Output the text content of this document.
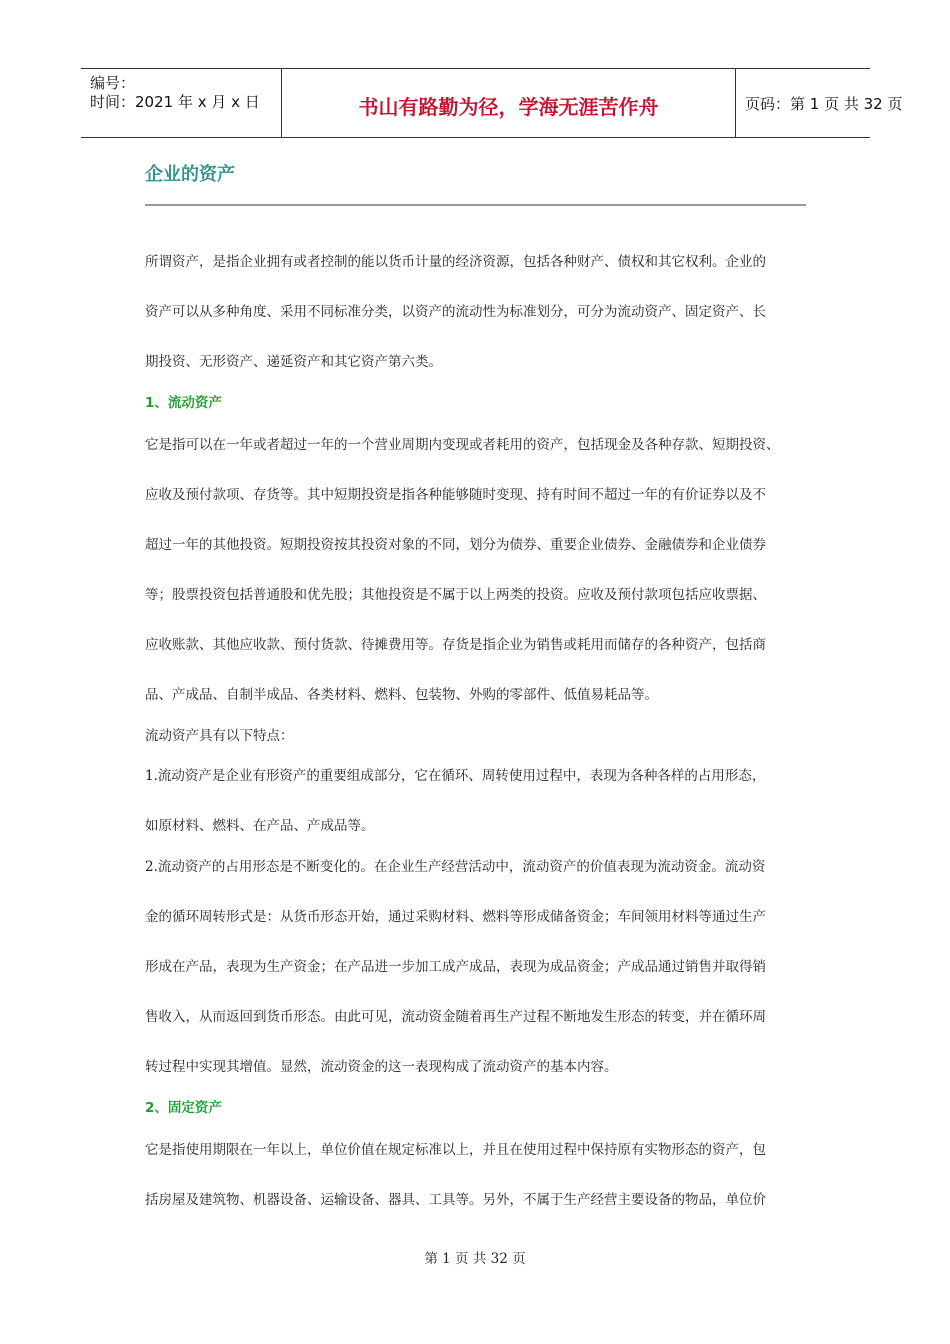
编号：
时间：2021 年 x 月 x 日	书山有路勤为径，学海无涯苦作舟	页码：第 1 页 共 32 页
企业的资产
所谓资产，是指企业拥有或者控制的能以货币计量的经济资源，包括各种财产、债权和其它权利。企业的
资产可以从多种角度、采用不同标准分类，以资产的流动性为标准划分，可分为流动资产、固定资产、长
期投资、无形资产、递延资产和其它资产第六类。
1、流动资产
它是指可以在一年或者超过一年的一个营业周期内变现或者耗用的资产，包括现金及各种存款、短期投资、
应收及预付款项、存货等。其中短期投资是指各种能够随时变现、持有时间不超过一年的有价证券以及不
超过一年的其他投资。短期投资按其投资对象的不同，划分为债券、重要企业债券、金融债券和企业债券
等；股票投资包括普通股和优先股；其他投资是不属于以上两类的投资。应收及预付款项包括应收票据、
应收账款、其他应收款、预付货款、待摊费用等。存货是指企业为销售或耗用而储存的各种资产，包括商
品、产成品、自制半成品、各类材料、燃料、包装物、外购的零部件、低值易耗品等。
流动资产具有以下特点：
1.流动资产是企业有形资产的重要组成部分，它在循环、周转使用过程中，表现为各种各样的占用形态，
如原材料、燃料、在产品、产成品等。
2.流动资产的占用形态是不断变化的。在企业生产经营活动中，流动资产的价值表现为流动资金。流动资
金的循环周转形式是：从货币形态开始，通过采购材料、燃料等形成储备资金；车间领用材料等通过生产
形成在产品，表现为生产资金；在产品进一步加工成产成品，表现为成品资金；产成品通过销售并取得销
售收入，从而返回到货币形态。由此可见，流动资金随着再生产过程不断地发生形态的转变，并在循环周
转过程中实现其增值。显然，流动资金的这一表现构成了流动资产的基本内容。
2、固定资产
它是指使用期限在一年以上，单位价值在规定标准以上，并且在使用过程中保持原有实物形态的资产，包
括房屋及建筑物、机器设备、运输设备、器具、工具等。另外，不属于生产经营主要设备的物品，单位价
第 1 页 共 32 页
